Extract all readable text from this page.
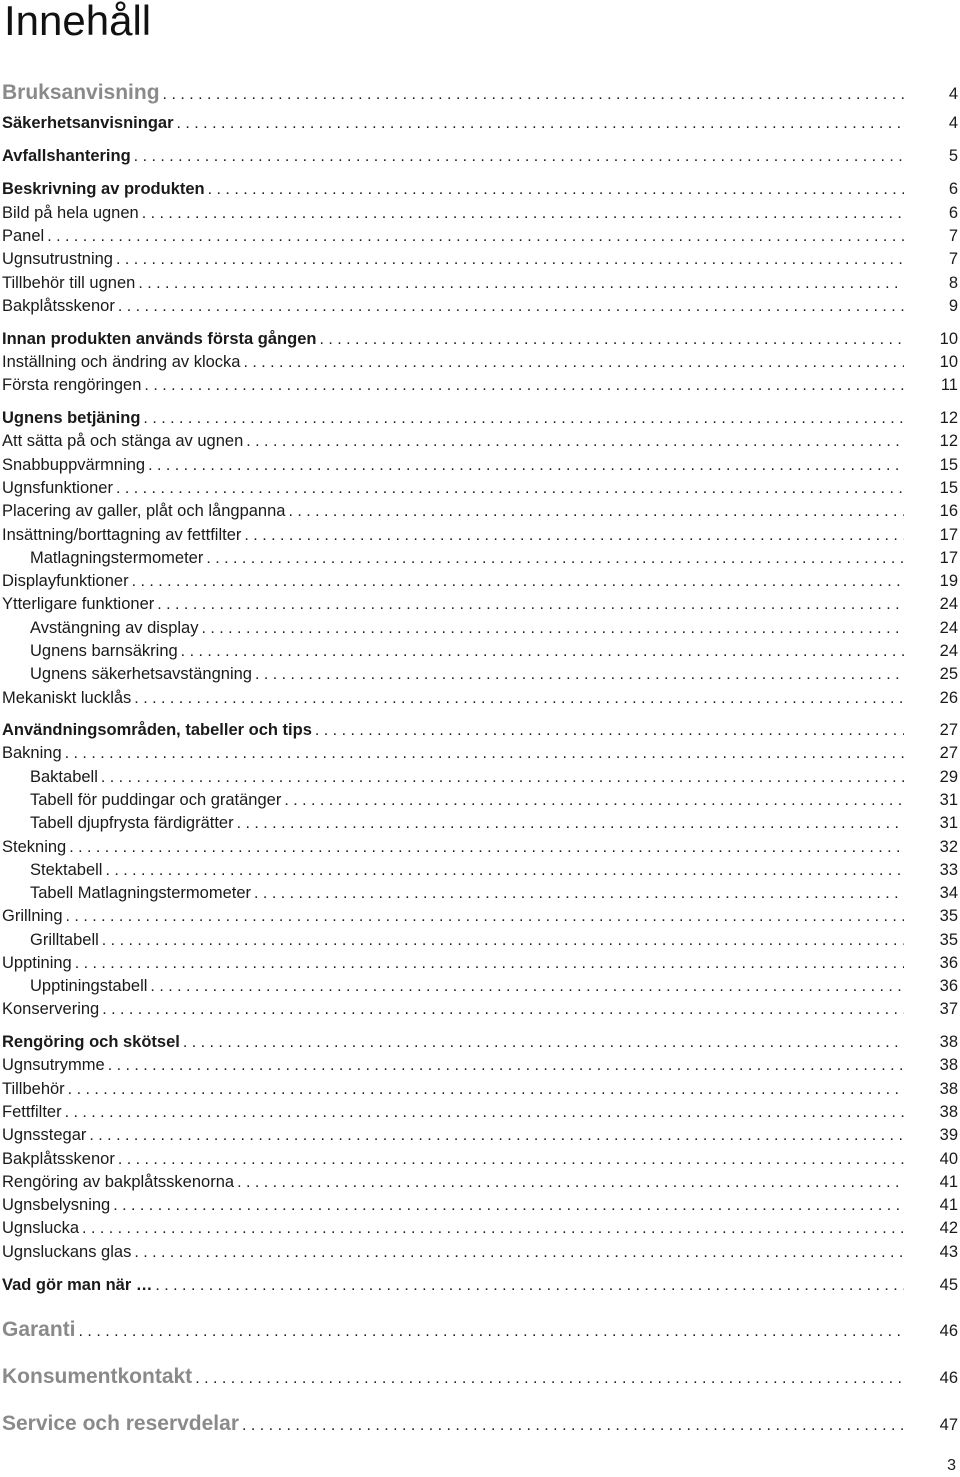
Innehåll
Bruksanvisning . . .	4
Säkerhetsanvisningar . . .	4
Avfallshantering . . .	5
Beskrivning av produkten . . .	6
Bild på hela ugnen . . .	6
Panel . . .	7
Ugnsutrustning . . .	7
Tillbehör till ugnen . . .	8
Bakplåtsskenor . . .	9
Innan produkten används första gången . . .	10
Inställning och ändring av klocka . . .	10
Första rengöringen . . .	11
Ugnens betjäning . . .	12
Att sätta på och stänga av ugnen . . .	12
Snabbuppvärmning . . .	15
Ugnsfunktioner . . .	15
Placering av galler, plåt och långpanna . . .	16
Insättning/borttagning av fettfilter . . .	17
Matlagningstermometer . . .	17
Displayfunktioner . . .	19
Ytterligare funktioner . . .	24
Avstängning av display . . .	24
Ugnens barnsäkring . . .	24
Ugnens säkerhetsavstängning . . .	25
Mekaniskt lucklås . . .	26
Användningsområden, tabeller och tips . . .	27
Bakning . . .	27
Baktabell . . .	29
Tabell för puddingar och gratänger . . .	31
Tabell djupfrysta färdigrätter . . .	31
Stekning . . .	32
Stektabell . . .	33
Tabell Matlagningstermometer . . .	34
Grillning . . .	35
Grilltabell . . .	35
Upptining . . .	36
Upptiningstabell . . .	36
Konservering . . .	37
Rengöring och skötsel . . .	38
Ugnsutrymme . . .	38
Tillbehör . . .	38
Fettfilter . . .	38
Ugnsstegar . . .	39
Bakplåtsskenor . . .	40
Rengöring av bakplåtsskenorna . . .	41
Ugnsbelysning . . .	41
Ugnslucka . . .	42
Ugnsluckans glas . . .	43
Vad gör man när … . . .	45
Garanti . . .	46
Konsumentkontakt . . .	46
Service och reservdelar . . .	47
3
